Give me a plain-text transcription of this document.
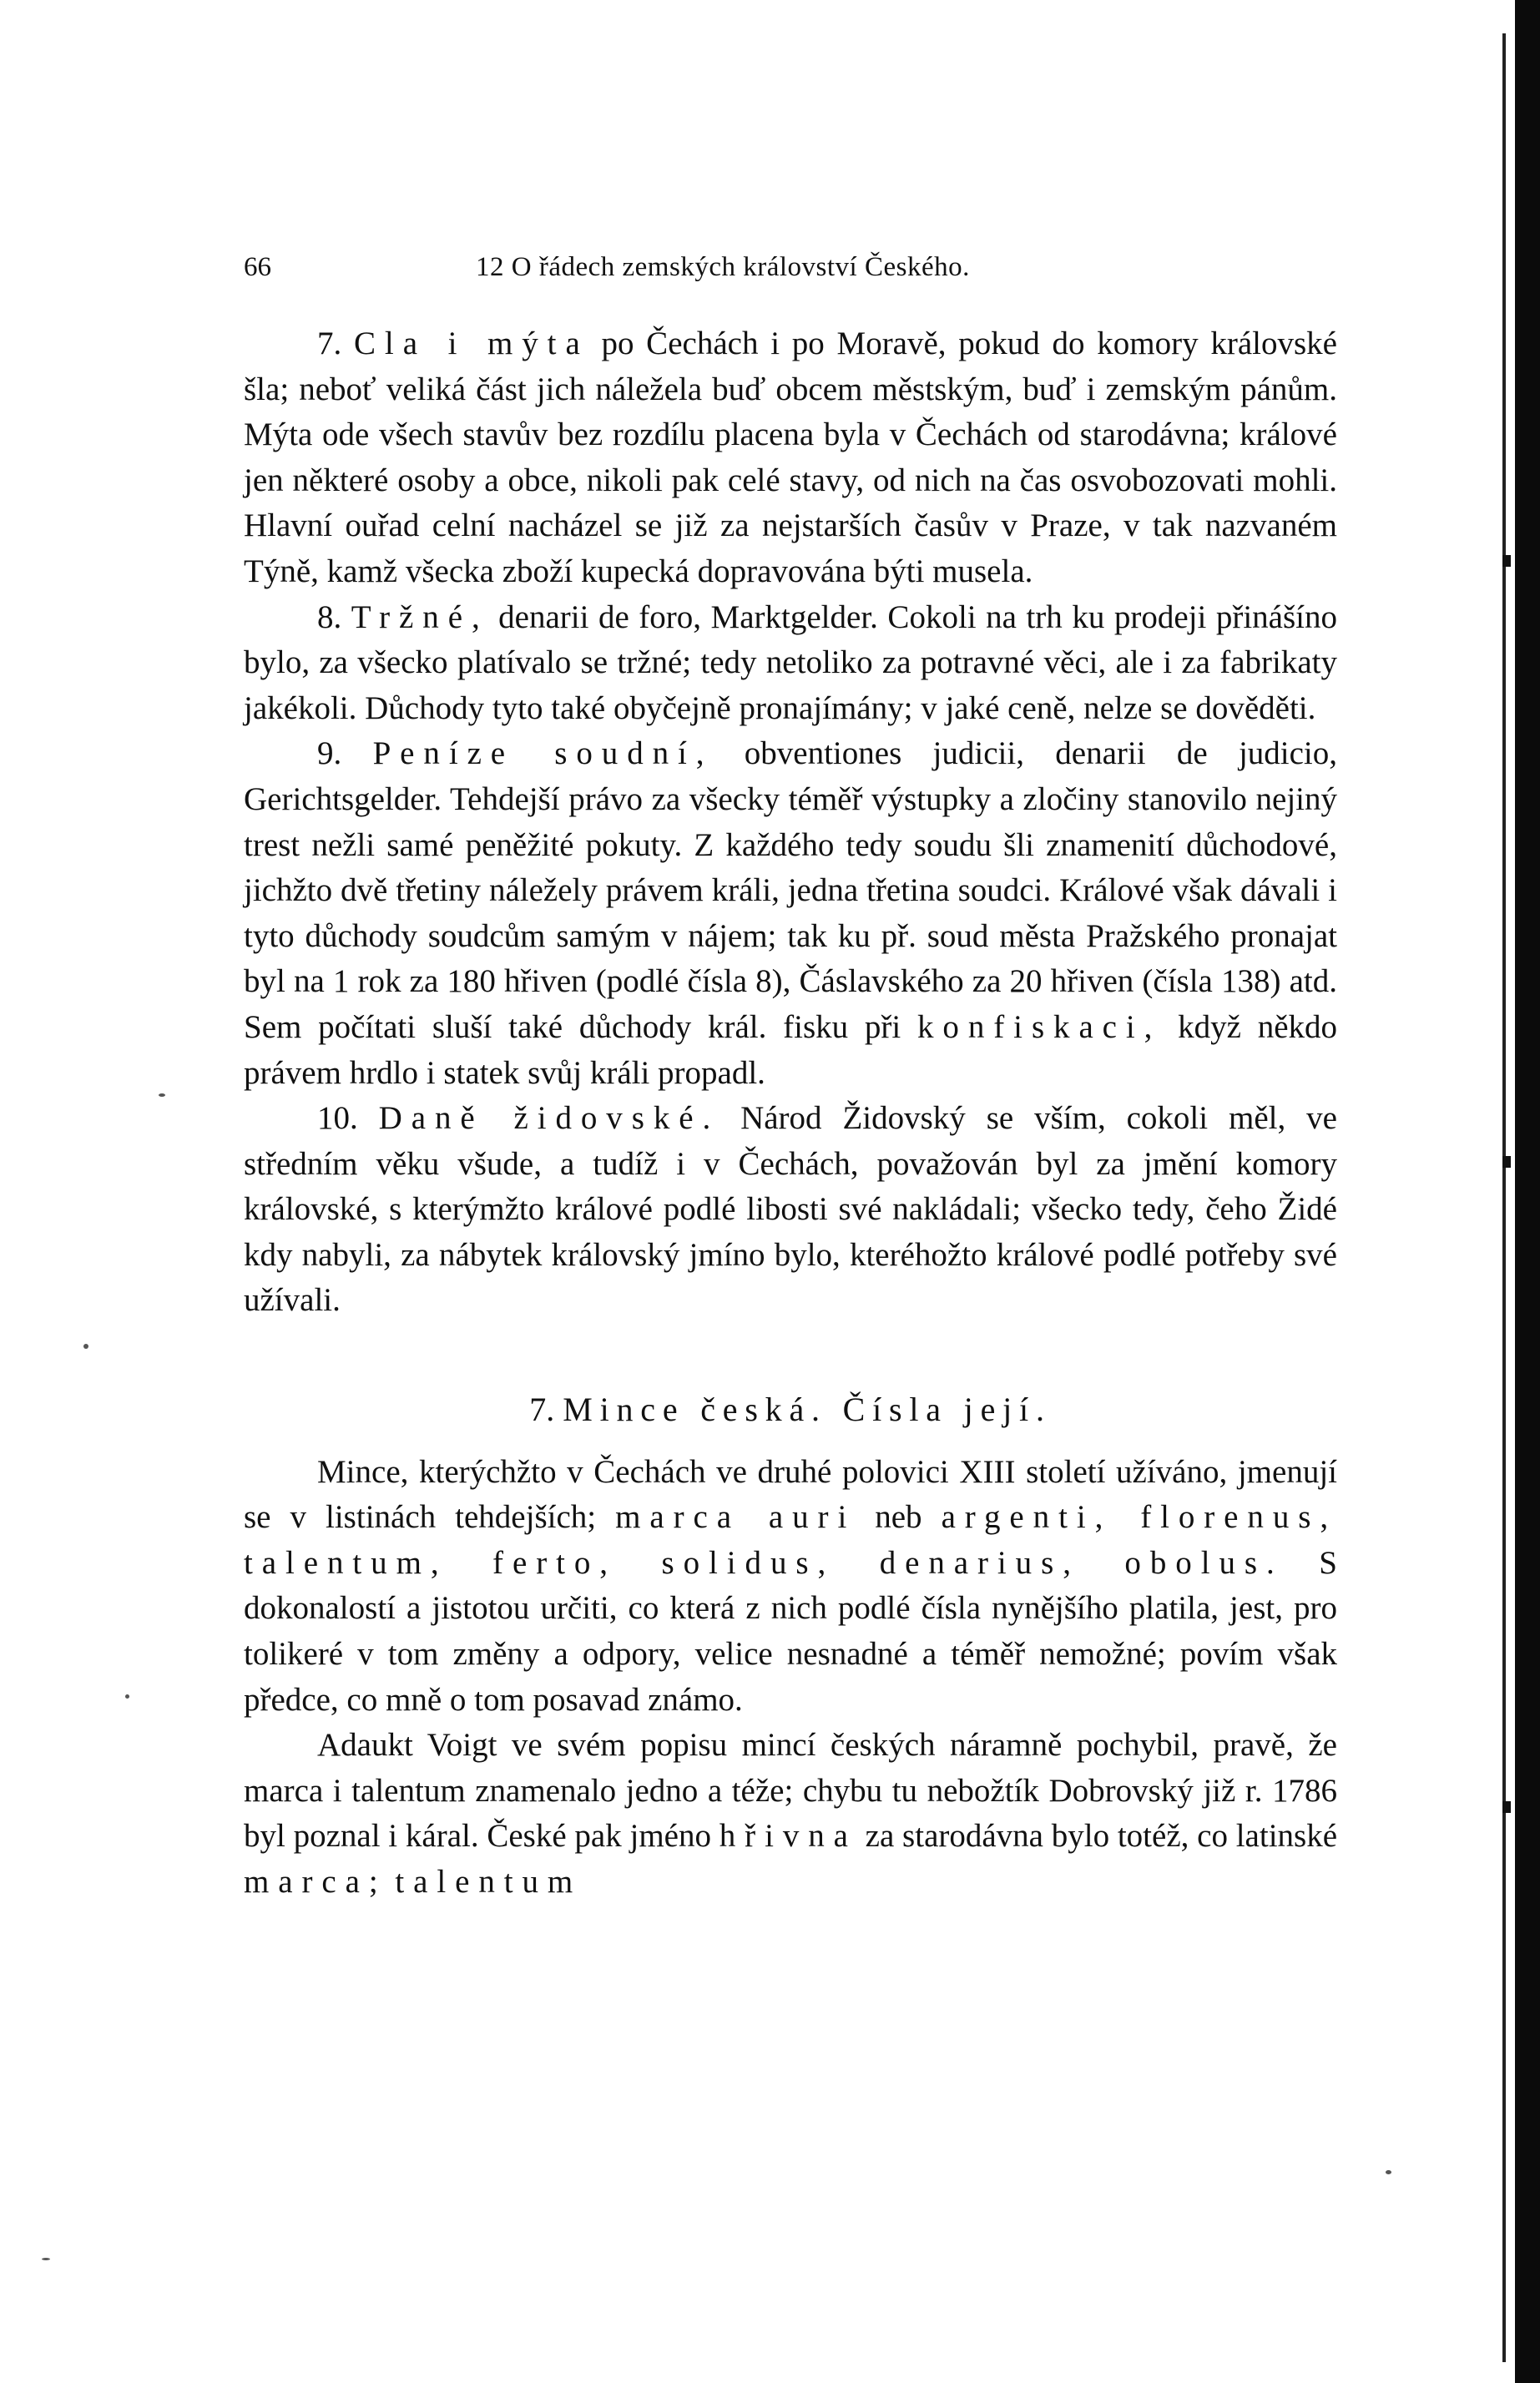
66	12 O řádech zemských království Českého.

7. Cla i mýta po Čechách i po Moravě, pokud do komory královské šla; neboť veliká část jich náležela buď obcem městským, buď i zemským pánům. Mýta ode všech stavův bez rozdílu placena byla v Čechách od starodávna; králové jen některé osoby a obce, nikoli pak celé stavy, od nich na čas osvobozovati mohli. Hlavní ouřad celní nacházel se již za nejstarších časův v Praze, v tak nazvaném Týně, kamž všecka zboží kupecká dopravována býti musela.

8. Tržné, denarii de foro, Marktgelder. Cokoli na trh ku prodeji přinášíno bylo, za všecko platívalo se tržné; tedy netoliko za potravné věci, ale i za fabrikaty jakékoli. Důchody tyto také obyčejně pronajímány; v jaké ceně, nelze se dověděti.

9. Peníze soudní, obventiones judicii, denarii de judicio, Gerichtsgelder. Tehdejší právo za všecky téměř výstupky a zločiny stanovilo nejiný trest nežli samé peněžité pokuty. Z každého tedy soudu šli znamenití důchodové, jichžto dvě třetiny náležely právem králi, jedna třetina soudci. Králové však dávali i tyto důchody soudcům samým v nájem; tak ku př. soud města Pražského pronajat byl na 1 rok za 180 hřiven (podlé čísla 8), Čáslavského za 20 hřiven (čísla 138) atd. Sem počítati sluší také důchody král. fisku při konfiskaci, když někdo právem hrdlo i statek svůj králi propadl.

10. Daně židovské. Národ Židovský se vším, cokoli měl, ve středním věku všude, a tudíž i v Čechách, považován byl za jmění komory královské, s kterýmžto králové podlé libosti své nakládali; všecko tedy, čeho Židé kdy nabyli, za nábytek královský jmíno bylo, kteréhožto králové podlé potřeby své užívali.

7. Mince česká. Čísla její.

Mince, kterýchžto v Čechách ve druhé polovici XIII století užíváno, jmenují se v listinách tehdejších; marca auri neb argenti, florenus, talentum, ferto, solidus, denarius, obolus. S dokonalostí a jistotou určiti, co která z nich podlé čísla nynějšího platila, jest, pro tolikeré v tom změny a odpory, velice nesnadné a téměř nemožné; povím však předce, co mně o tom posavad známo.

Adaukt Voigt ve svém popisu mincí českých náramně pochybil, pravě, že marca i talentum znamenalo jedno a téže; chybu tu nebožtík Dobrovský již r. 1786 byl poznal i káral. České pak jméno hřivna za starodávna bylo totéž, co latinské marca; talentum
